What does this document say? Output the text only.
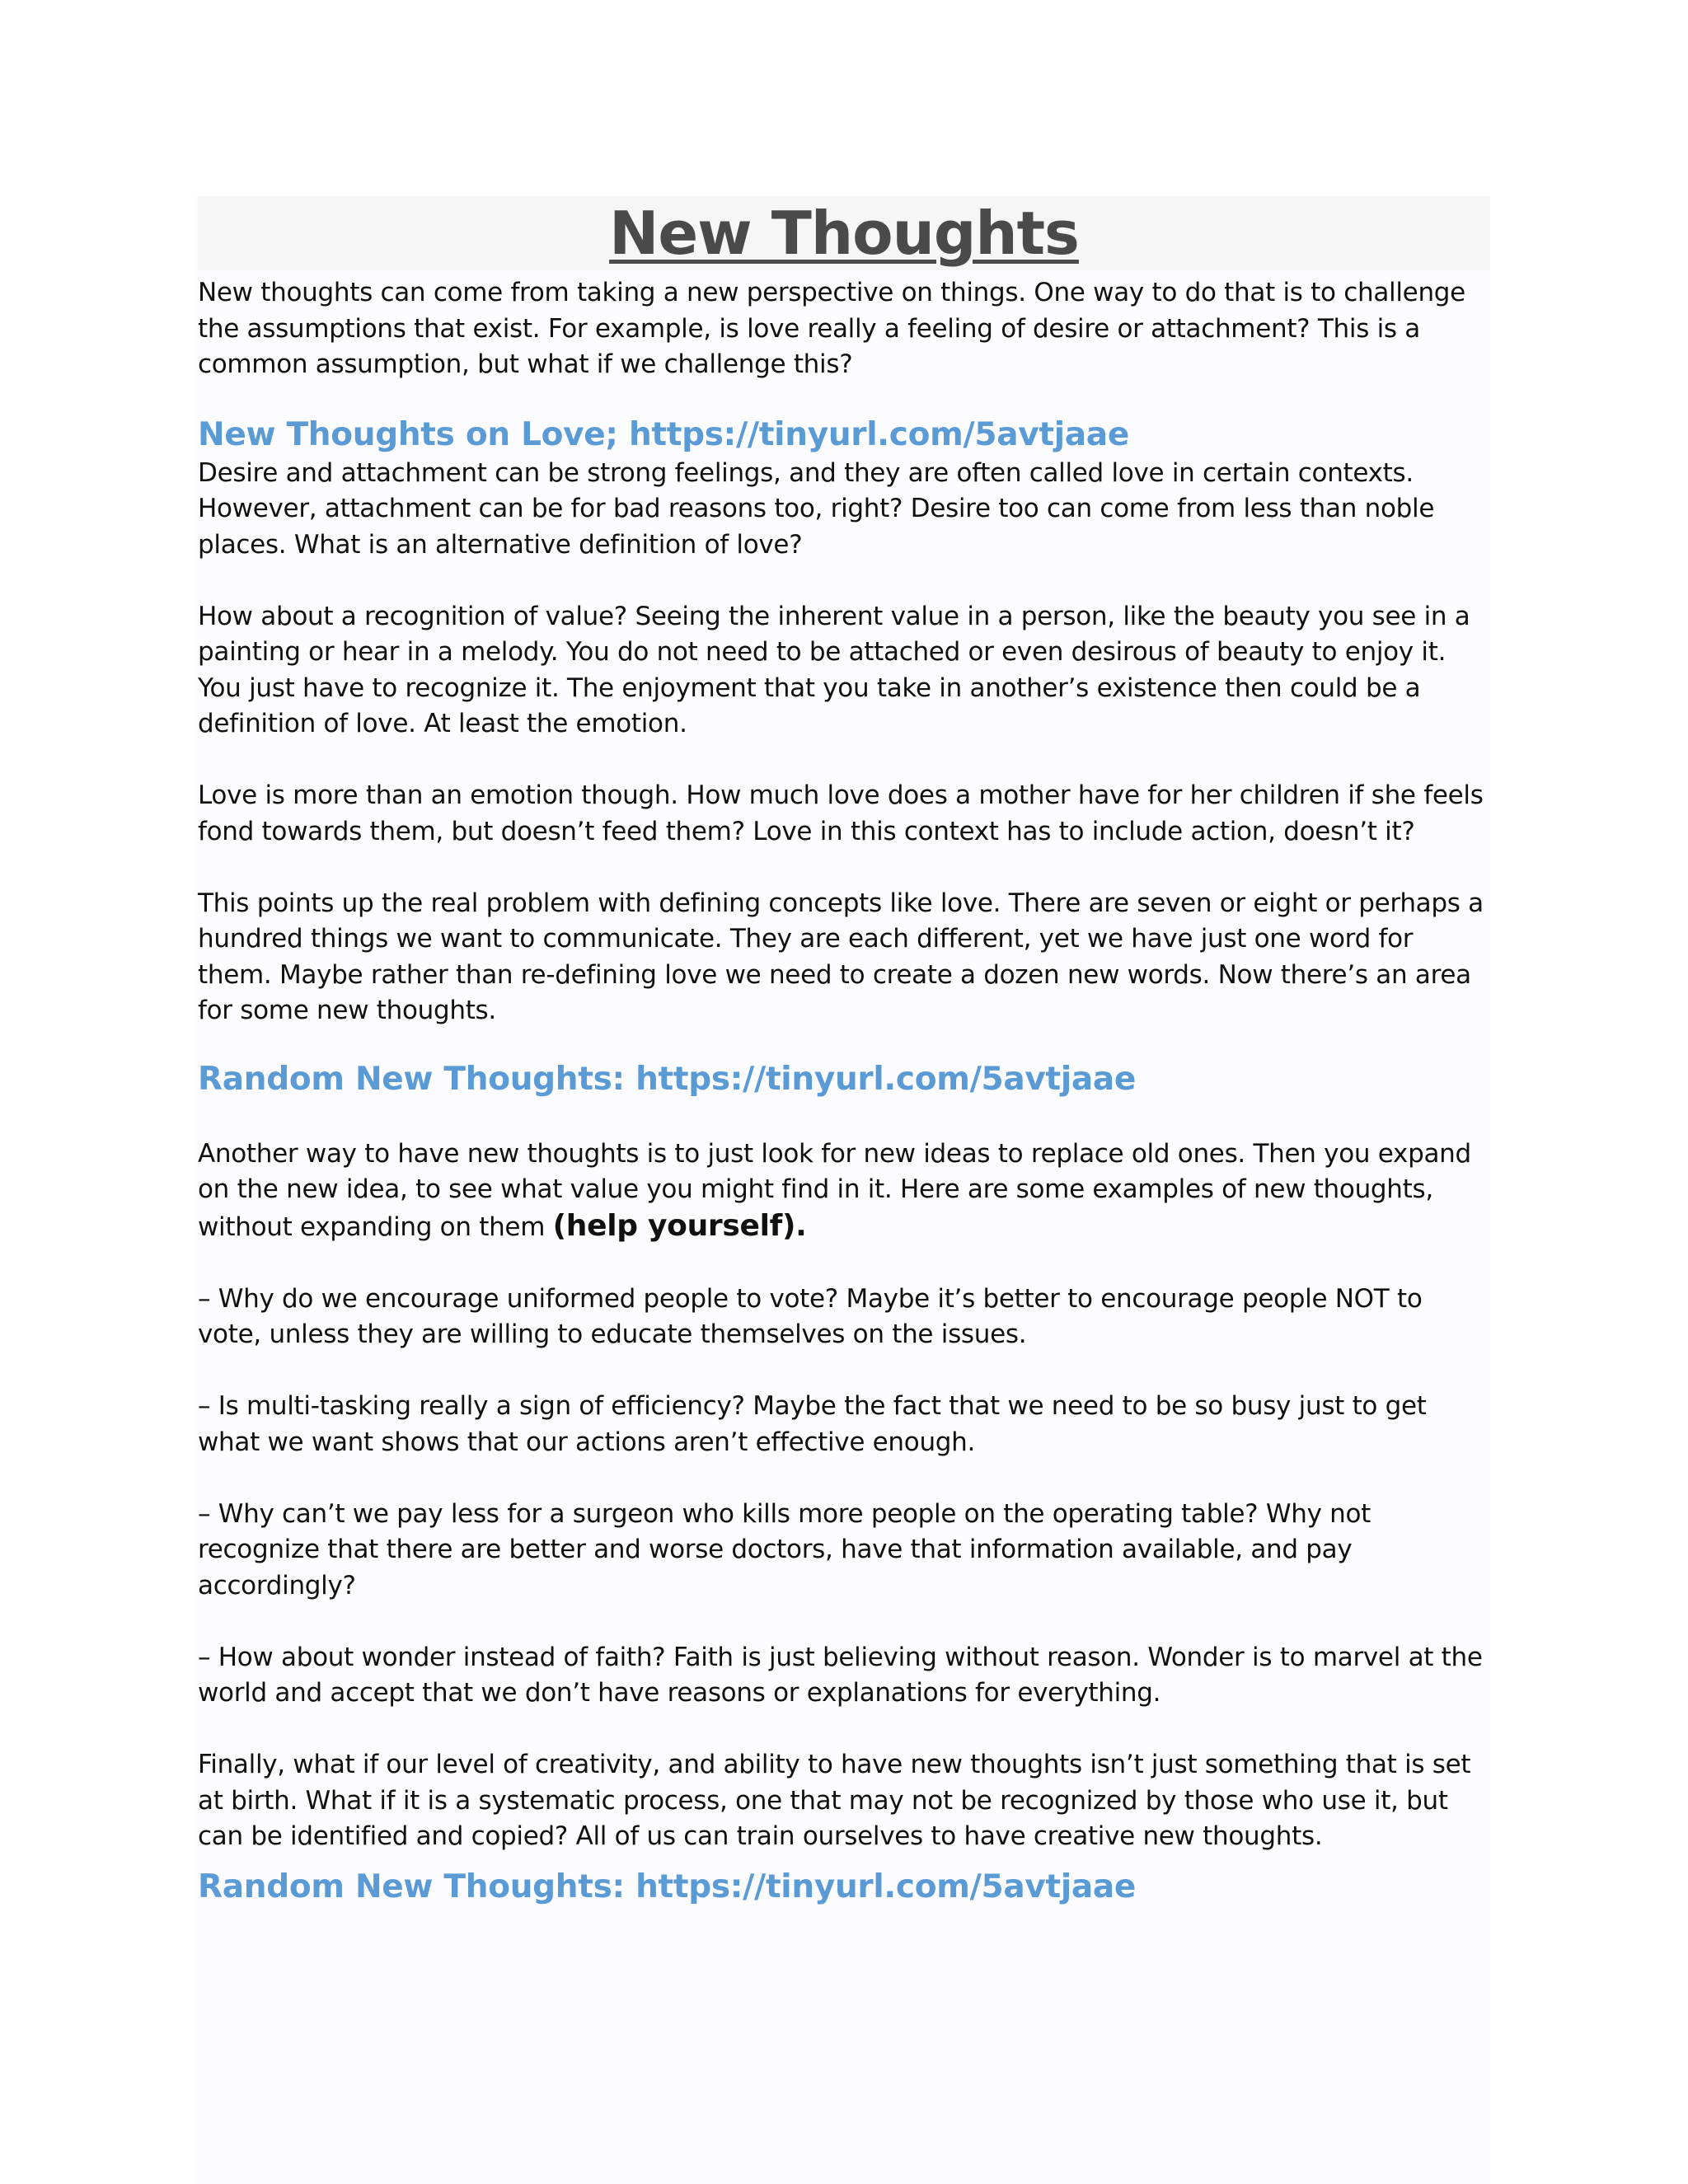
New Thoughts

New thoughts can come from taking a new perspective on things. One way to do that is to challenge the assumptions that exist. For example, is love really a feeling of desire or attachment? This is a common assumption, but what if we challenge this?

New Thoughts on Love; https://tinyurl.com/5avtjaae

Desire and attachment can be strong feelings, and they are often called love in certain contexts. However, attachment can be for bad reasons too, right? Desire too can come from less than noble places. What is an alternative definition of love?

How about a recognition of value? Seeing the inherent value in a person, like the beauty you see in a painting or hear in a melody. You do not need to be attached or even desirous of beauty to enjoy it. You just have to recognize it. The enjoyment that you take in another’s existence then could be a definition of love. At least the emotion.

Love is more than an emotion though. How much love does a mother have for her children if she feels fond towards them, but doesn’t feed them? Love in this context has to include action, doesn’t it?

This points up the real problem with defining concepts like love. There are seven or eight or perhaps a hundred things we want to communicate. They are each different, yet we have just one word for them. Maybe rather than re-defining love we need to create a dozen new words. Now there’s an area for some new thoughts.

Random New Thoughts: https://tinyurl.com/5avtjaae

Another way to have new thoughts is to just look for new ideas to replace old ones. Then you expand on the new idea, to see what value you might find in it. Here are some examples of new thoughts, without expanding on them (help yourself).

– Why do we encourage uniformed people to vote? Maybe it’s better to encourage people NOT to vote, unless they are willing to educate themselves on the issues.

– Is multi-tasking really a sign of efficiency? Maybe the fact that we need to be so busy just to get what we want shows that our actions aren’t effective enough.

– Why can’t we pay less for a surgeon who kills more people on the operating table? Why not recognize that there are better and worse doctors, have that information available, and pay accordingly?

– How about wonder instead of faith? Faith is just believing without reason. Wonder is to marvel at the world and accept that we don’t have reasons or explanations for everything.

Finally, what if our level of creativity, and ability to have new thoughts isn’t just something that is set at birth. What if it is a systematic process, one that may not be recognized by those who use it, but can be identified and copied? All of us can train ourselves to have creative new thoughts.

Random New Thoughts: https://tinyurl.com/5avtjaae
